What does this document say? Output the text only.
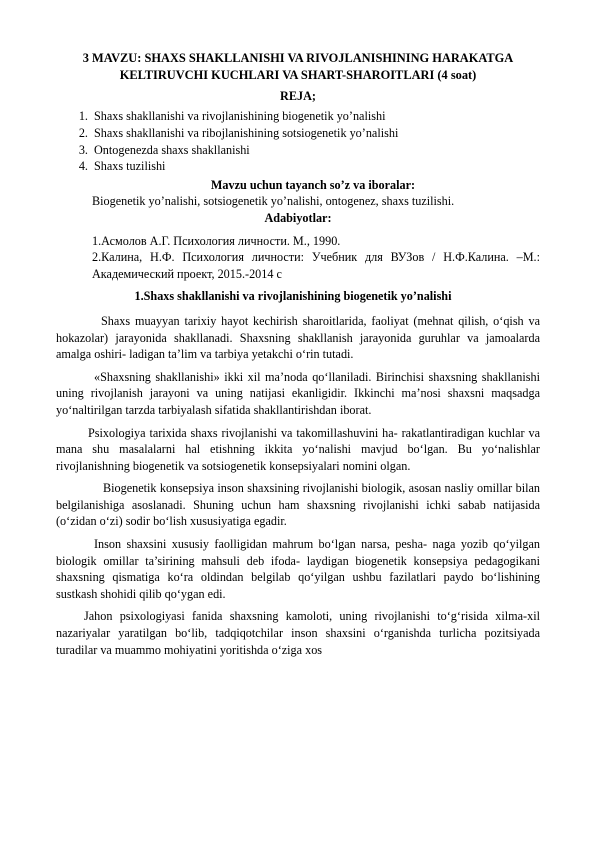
3 MAVZU: SHAXS SHAKLLANISHI VA RIVOJLANISHINING HARAKATGA KELTIRUVCHI KUCHLARI VA SHART-SHAROITLARI (4 soat)
REJA;
1. Shaxs shakllanishi va rivojlanishining biogenetik yo’nalishi
2. Shaxs shakllanishi va ribojlanishining sotsiogenetik yo’nalishi
3. Ontogenezda shaxs shakllanishi
4. Shaxs tuzilishi
Mavzu uchun tayanch so’z va iboralar:
Biogenetik yo’nalishi, sotsiogenetik yo’nalishi, ontogenez, shaxs tuzilishi.
Adabiyotlar:
1.Асмолов А.Г. Психология личности. М., 1990.
2.Калина, Н.Ф. Психология личности: Учебник для ВУЗов / Н.Ф.Калина. –М.: Академический проект, 2015.-2014 с
1.Shaxs shakllanishi va rivojlanishining biogenetik yo’nalishi

Shaxs muayyan tarixiy hayot kechirish sharoitlarida, faoliyat (mehnat qilish, o‘qish va hokazolar) jarayonida shakllanadi. Shaxsning shakllanish jarayonida guruhlar va jamoalarda amalga oshiri- ladigan ta’lim va tarbiya yetakchi o‘rin tutadi.

«Shaxsning shakllanishi» ikki xil ma’noda qo‘llaniladi. Birinchisi shaxsning shakllanishi uning rivojlanish jarayoni va uning natijasi ekanligidir. Ikkinchi ma’nosi shaxsni maqsadga yo‘naltirilgan tarzda tarbiyalash sifatida shakllantirishdan iborat.

Psixologiya tarixida shaxs rivojlanishi va takomillashuvini ha- rakatlantiradigan kuchlar va mana shu masalalarni hal etishning ikkita yo‘nalishi mavjud bo‘lgan. Bu yo‘nalishlar rivojlanishning biogenetik va sotsiogenetik konsepsiyalari nomini olgan.

Biogenetik konsepsiya inson shaxsining rivojlanishi biologik, asosan nasliy omillar bilan belgilanishiga asoslanadi. Shuning uchun ham shaxsning rivojlanishi ichki sabab natijasida (o‘zidan o‘zi) sodir bo‘lish xususiyatiga egadir.

Inson shaxsini xususiy faolligidan mahrum bo‘lgan narsa, pesha- naga yozib qo‘yilgan biologik omillar ta’sirining mahsuli deb ifoda- laydigan biogenetik konsepsiya pedagogikani shaxsning qismatiga ko‘ra oldindan belgilab qo‘yilgan ushbu fazilatlari paydo bo‘lishining sustkash shohidi qilib qo‘ygan edi.

Jahon psixologiyasi fanida shaxsning kamoloti, uning rivojlanishi to‘g‘risida xilma-xil nazariyalar yaratilgan bo‘lib, tadqiqotchilar inson shaxsini o‘rganishda turlicha pozitsiyada turadilar va muammo mohiyatini yoritishda o‘ziga xos
